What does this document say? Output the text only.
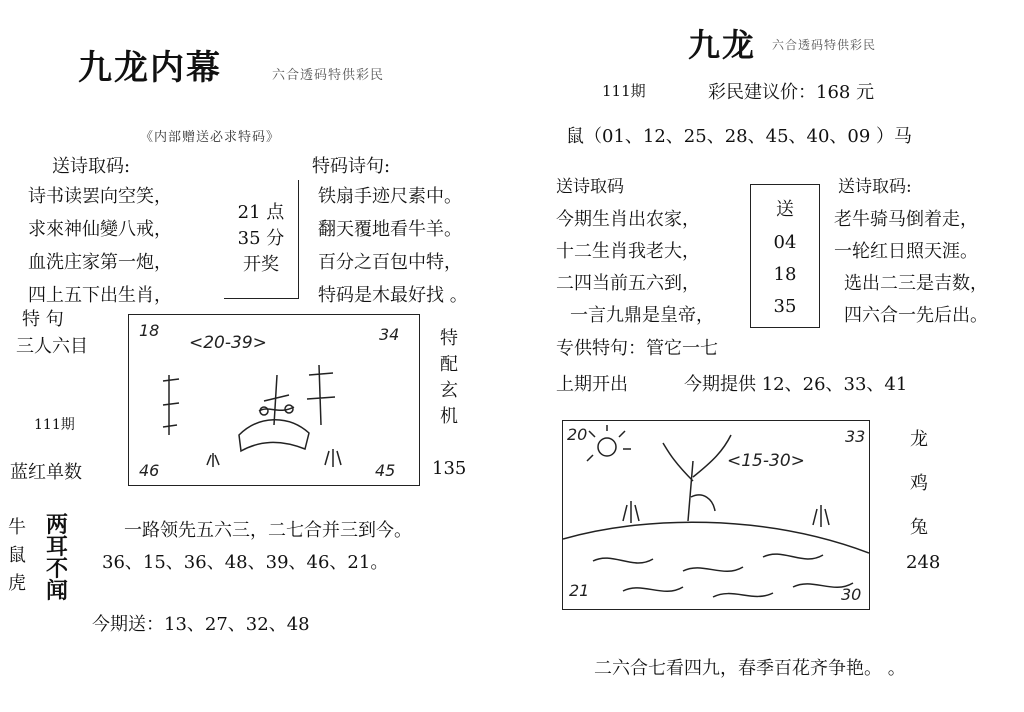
九龙内幕	六合透码特供彩民
《内部赠送必求特码》
送诗取码:
诗书读罢向空笑，
求來神仙變八戒，
血洗庄家第一炮，
四上五下出生肖，
21 点
35 分
开奖
特码诗句:
铁扇手迹尺素中。
翻天覆地看牛羊。
百分之百包中特，
特码是木最好找 。
特 句
三人六目
111期
蓝红单数
18	34
46	45
<20-39>	特
配
玄
机
135
牛
鼠
虎
两
耳
不
闻
一路领先五六三，二七合并三到今。
36、15、36、48、39、46、21。
今期送：13、27、32、48
九龙 六合透码特供彩民
111期	彩民建议价：168 元
鼠（01、12、25、28、45、40、09 ）马
送诗取码
今期生肖出农家，
十二生肖我老大，
二四当前五六到，
一言九鼎是皇帝，
送
04
18
35
送诗取码:
老牛骑马倒着走，
一轮红日照天涯。
选出二三是吉数，
四六合一先后出。
专供特句：管它一七
上期开出	今期提供 12、26、33、41
20	33
21	30
<15-30>
龙
鸡
兔
248
二六合七看四九，春季百花齐争艳。 。
